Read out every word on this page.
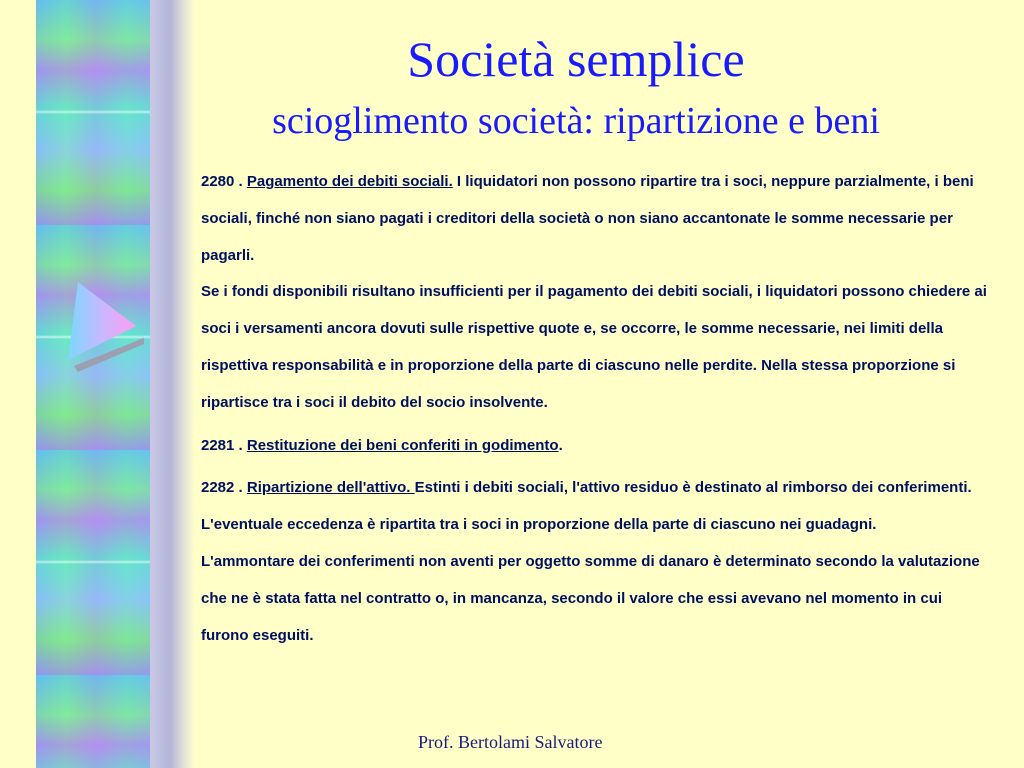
Società semplice
scioglimento società: ripartizione e beni

2280 . Pagamento dei debiti sociali. I liquidatori non possono ripartire tra i soci, neppure parzialmente, i beni sociali, finché non siano pagati i creditori della società o non siano accantonate le somme necessarie per pagarli.

Se i fondi disponibili risultano insufficienti per il pagamento dei debiti sociali, i liquidatori possono chiedere ai soci i versamenti ancora dovuti sulle rispettive quote e, se occorre, le somme necessarie, nei limiti della rispettiva responsabilità e in proporzione della parte di ciascuno nelle perdite. Nella stessa proporzione si ripartisce tra i soci il debito del socio insolvente.

2281 . Restituzione dei beni conferiti in godimento.

2282 . Ripartizione dell'attivo. Estinti i debiti sociali, l'attivo residuo è destinato al rimborso dei conferimenti. L'eventuale eccedenza è ripartita tra i soci in proporzione della parte di ciascuno nei guadagni.

L'ammontare dei conferimenti non aventi per oggetto somme di danaro è determinato secondo la valutazione che ne è stata fatta nel contratto o, in mancanza, secondo il valore che essi avevano nel momento in cui furono eseguiti.

Prof. Bertolami Salvatore
